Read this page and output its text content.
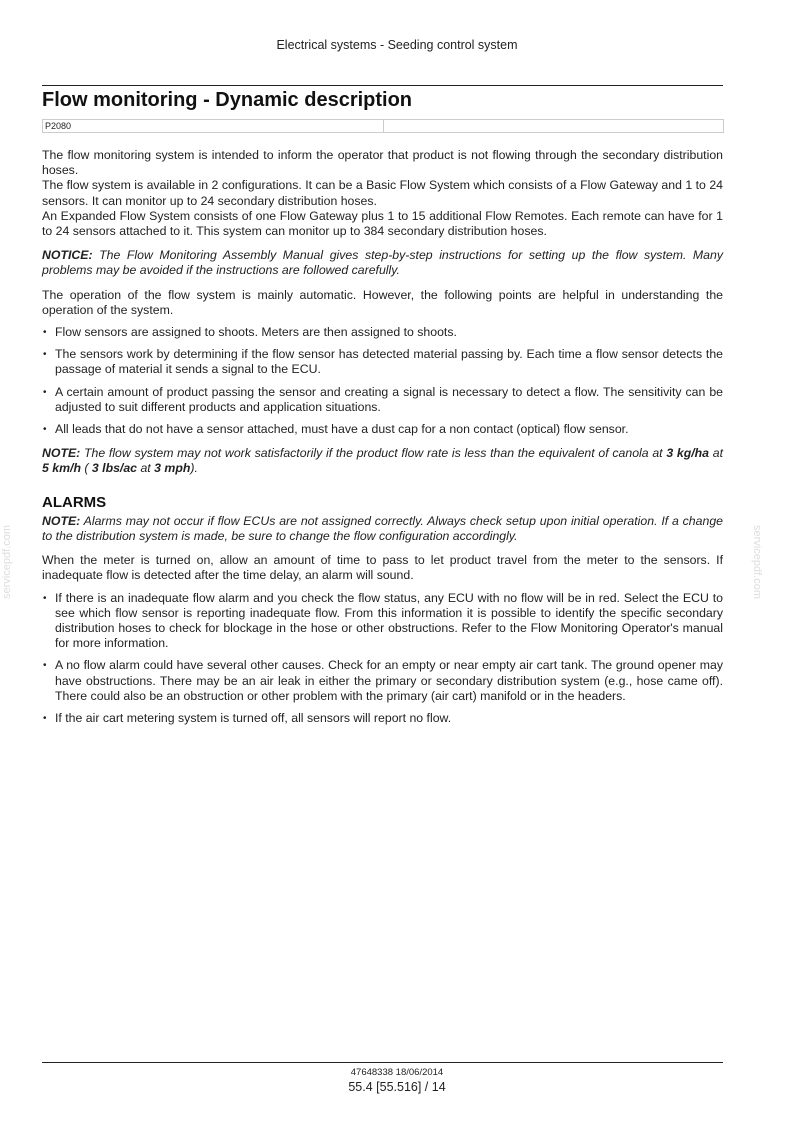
Electrical systems - Seeding control system
Flow monitoring - Dynamic description
P2080

The flow monitoring system is intended to inform the operator that product is not flowing through the secondary distribution hoses.

The flow system is available in 2 configurations. It can be a Basic Flow System which consists of a Flow Gateway and 1 to 24 sensors. It can monitor up to 24 secondary distribution hoses.

An Expanded Flow System consists of one Flow Gateway plus 1 to 15 additional Flow Remotes. Each remote can have for 1 to 24 sensors attached to it. This system can monitor up to 384 secondary distribution hoses.

NOTICE: The Flow Monitoring Assembly Manual gives step-by-step instructions for setting up the flow system. Many problems may be avoided if the instructions are followed carefully.

The operation of the flow system is mainly automatic. However, the following points are helpful in understanding the operation of the system.

• Flow sensors are assigned to shoots. Meters are then assigned to shoots.
• The sensors work by determining if the flow sensor has detected material passing by. Each time a flow sensor detects the passage of material it sends a signal to the ECU.
• A certain amount of product passing the sensor and creating a signal is necessary to detect a flow. The sensitivity can be adjusted to suit different products and application situations.
• All leads that do not have a sensor attached, must have a dust cap for a non contact (optical) flow sensor.

NOTE: The flow system may not work satisfactorily if the product flow rate is less than the equivalent of canola at 3 kg/ha at 5 km/h ( 3 lbs/ac at 3 mph).

ALARMS

NOTE: Alarms may not occur if flow ECUs are not assigned correctly. Always check setup upon initial operation. If a change to the distribution system is made, be sure to change the flow configuration accordingly.

When the meter is turned on, allow an amount of time to pass to let product travel from the meter to the sensors. If inadequate flow is detected after the time delay, an alarm will sound.

• If there is an inadequate flow alarm and you check the flow status, any ECU with no flow will be in red. Select the ECU to see which flow sensor is reporting inadequate flow. From this information it is possible to identify the specific secondary distribution hoses to check for blockage in the hose or other obstructions. Refer to the Flow Monitoring Operator's manual for more information.
• A no flow alarm could have several other causes. Check for an empty or near empty air cart tank. The ground opener may have obstructions. There may be an air leak in either the primary or secondary distribution system (e.g., hose came off). There could also be an obstruction or other problem with the primary (air cart) manifold or in the headers.
• If the air cart metering system is turned off, all sensors will report no flow.
servicepdf.com	servicepdf.com
47648338 18/06/2014
55.4 [55.516] / 14
